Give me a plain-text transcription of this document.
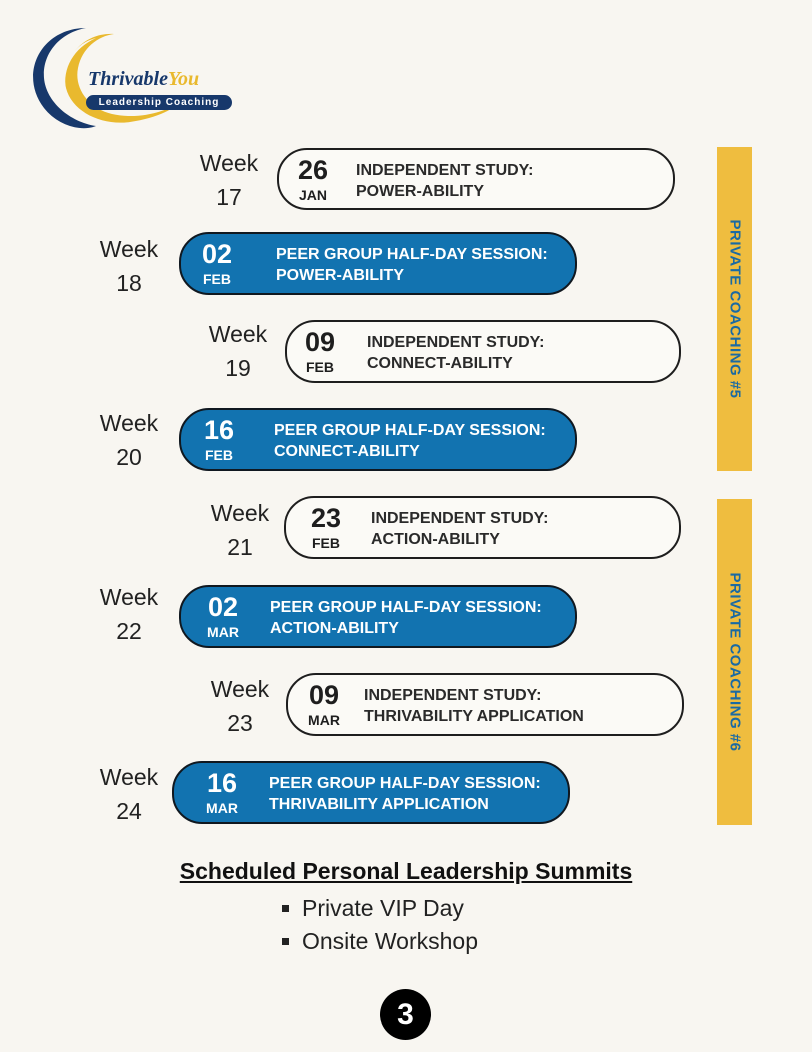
ThrivableYou
Leadership Coaching
Week
17
26
JAN
INDEPENDENT STUDY:
POWER-ABILITY
Week
18
02
FEB
PEER GROUP HALF-DAY SESSION:
POWER-ABILITY
Week
19
09
FEB
INDEPENDENT STUDY:
CONNECT-ABILITY
Week
20
16
FEB
PEER GROUP HALF-DAY SESSION:
CONNECT-ABILITY
Week
21
23
FEB
INDEPENDENT STUDY:
ACTION-ABILITY
Week
22
02
MAR
PEER GROUP HALF-DAY SESSION:
ACTION-ABILITY
Week
23
09
MAR
INDEPENDENT STUDY:
THRIVABILITY APPLICATION
Week
24
16
MAR
PEER GROUP HALF-DAY SESSION:
THRIVABILITY APPLICATION
PRIVATE COACHING #5
PRIVATE COACHING #6
Scheduled Personal Leadership Summits
Private VIP Day
Onsite Workshop
3
